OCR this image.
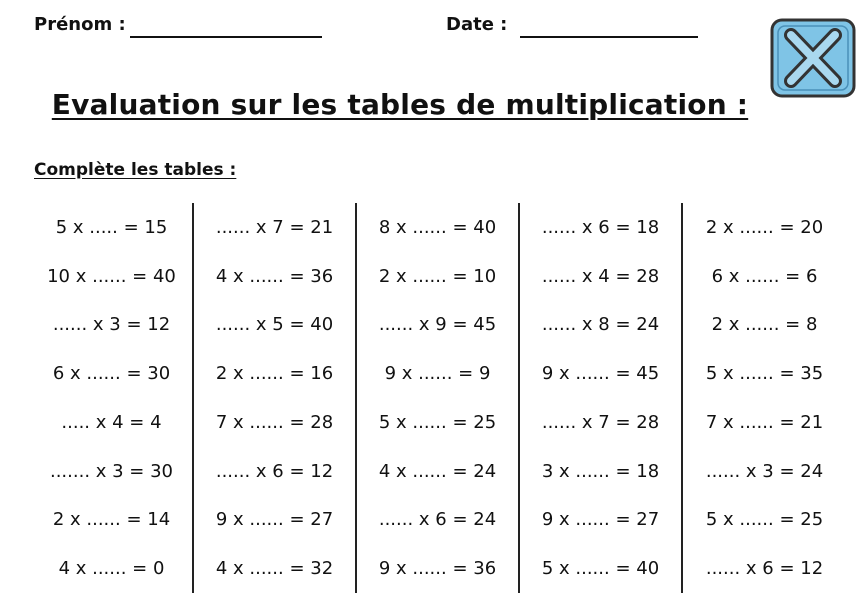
Prénom :	Date :
Evaluation sur les tables de multiplication :
Complète les tables :
5 x ..... = 15
10 x ...... = 40
...... x 3 = 12
6 x ...... = 30
..... x 4 = 4
....... x 3 = 30
2 x ...... = 14
4 x ...... = 0
...... x 7 = 21
4 x ...... = 36
...... x 5 = 40
2 x ...... = 16
7 x ...... = 28
...... x 6 = 12
9 x ...... = 27
4 x ...... = 32
8 x ...... = 40
2 x ...... = 10
...... x 9 = 45
9 x ...... = 9
5 x ...... = 25
4 x ...... = 24
...... x 6 = 24
9 x ...... = 36
...... x 6 = 18
...... x 4 = 28
...... x 8 = 24
9 x ...... = 45
...... x 7 = 28
3 x ...... = 18
9 x ...... = 27
5 x ...... = 40
2 x ...... = 20
6 x ...... = 6
2 x ...... = 8
5 x ...... = 35
7 x ...... = 21
...... x 3 = 24
5 x ...... = 25
...... x 6 = 12
